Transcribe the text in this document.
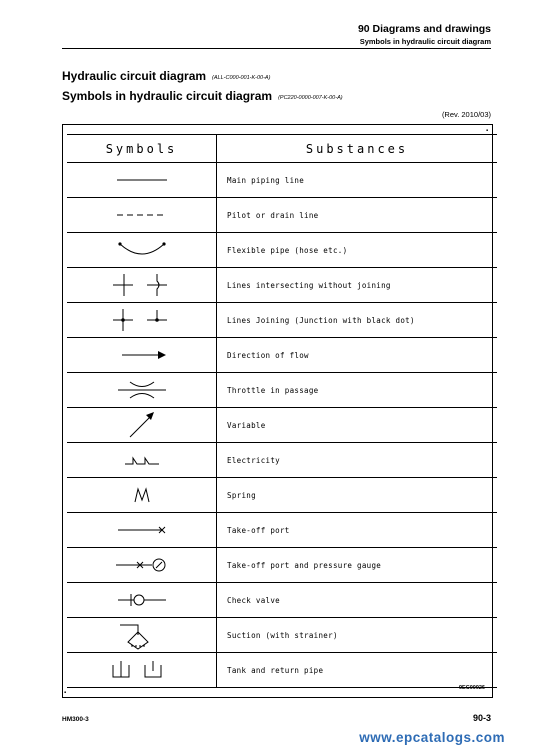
90 Diagrams and drawings
Symbols in hydraulic circuit diagram
Hydraulic circuit diagram (ALL-C000-001-K-00-A)
Symbols in hydraulic circuit diagram (PC220-0000-007-K-00-A)
(Rev. 2010/03)
▪
▪
Symbols	Substances

	Main piping line

	Pilot or drain line

	Flexible pipe (hose etc.)

	Lines intersecting without joining

	Lines Joining (Junction with black dot)

	Direction of flow

	Throttle in passage

	Variable

	Electricity

	Spring

	Take-off port

	Take-off port and pressure gauge

	Check valve

	Suction (with strainer)

	Tank and return pipe
9EC00926
HM300-3	90-3
www.epcatalogs.com
